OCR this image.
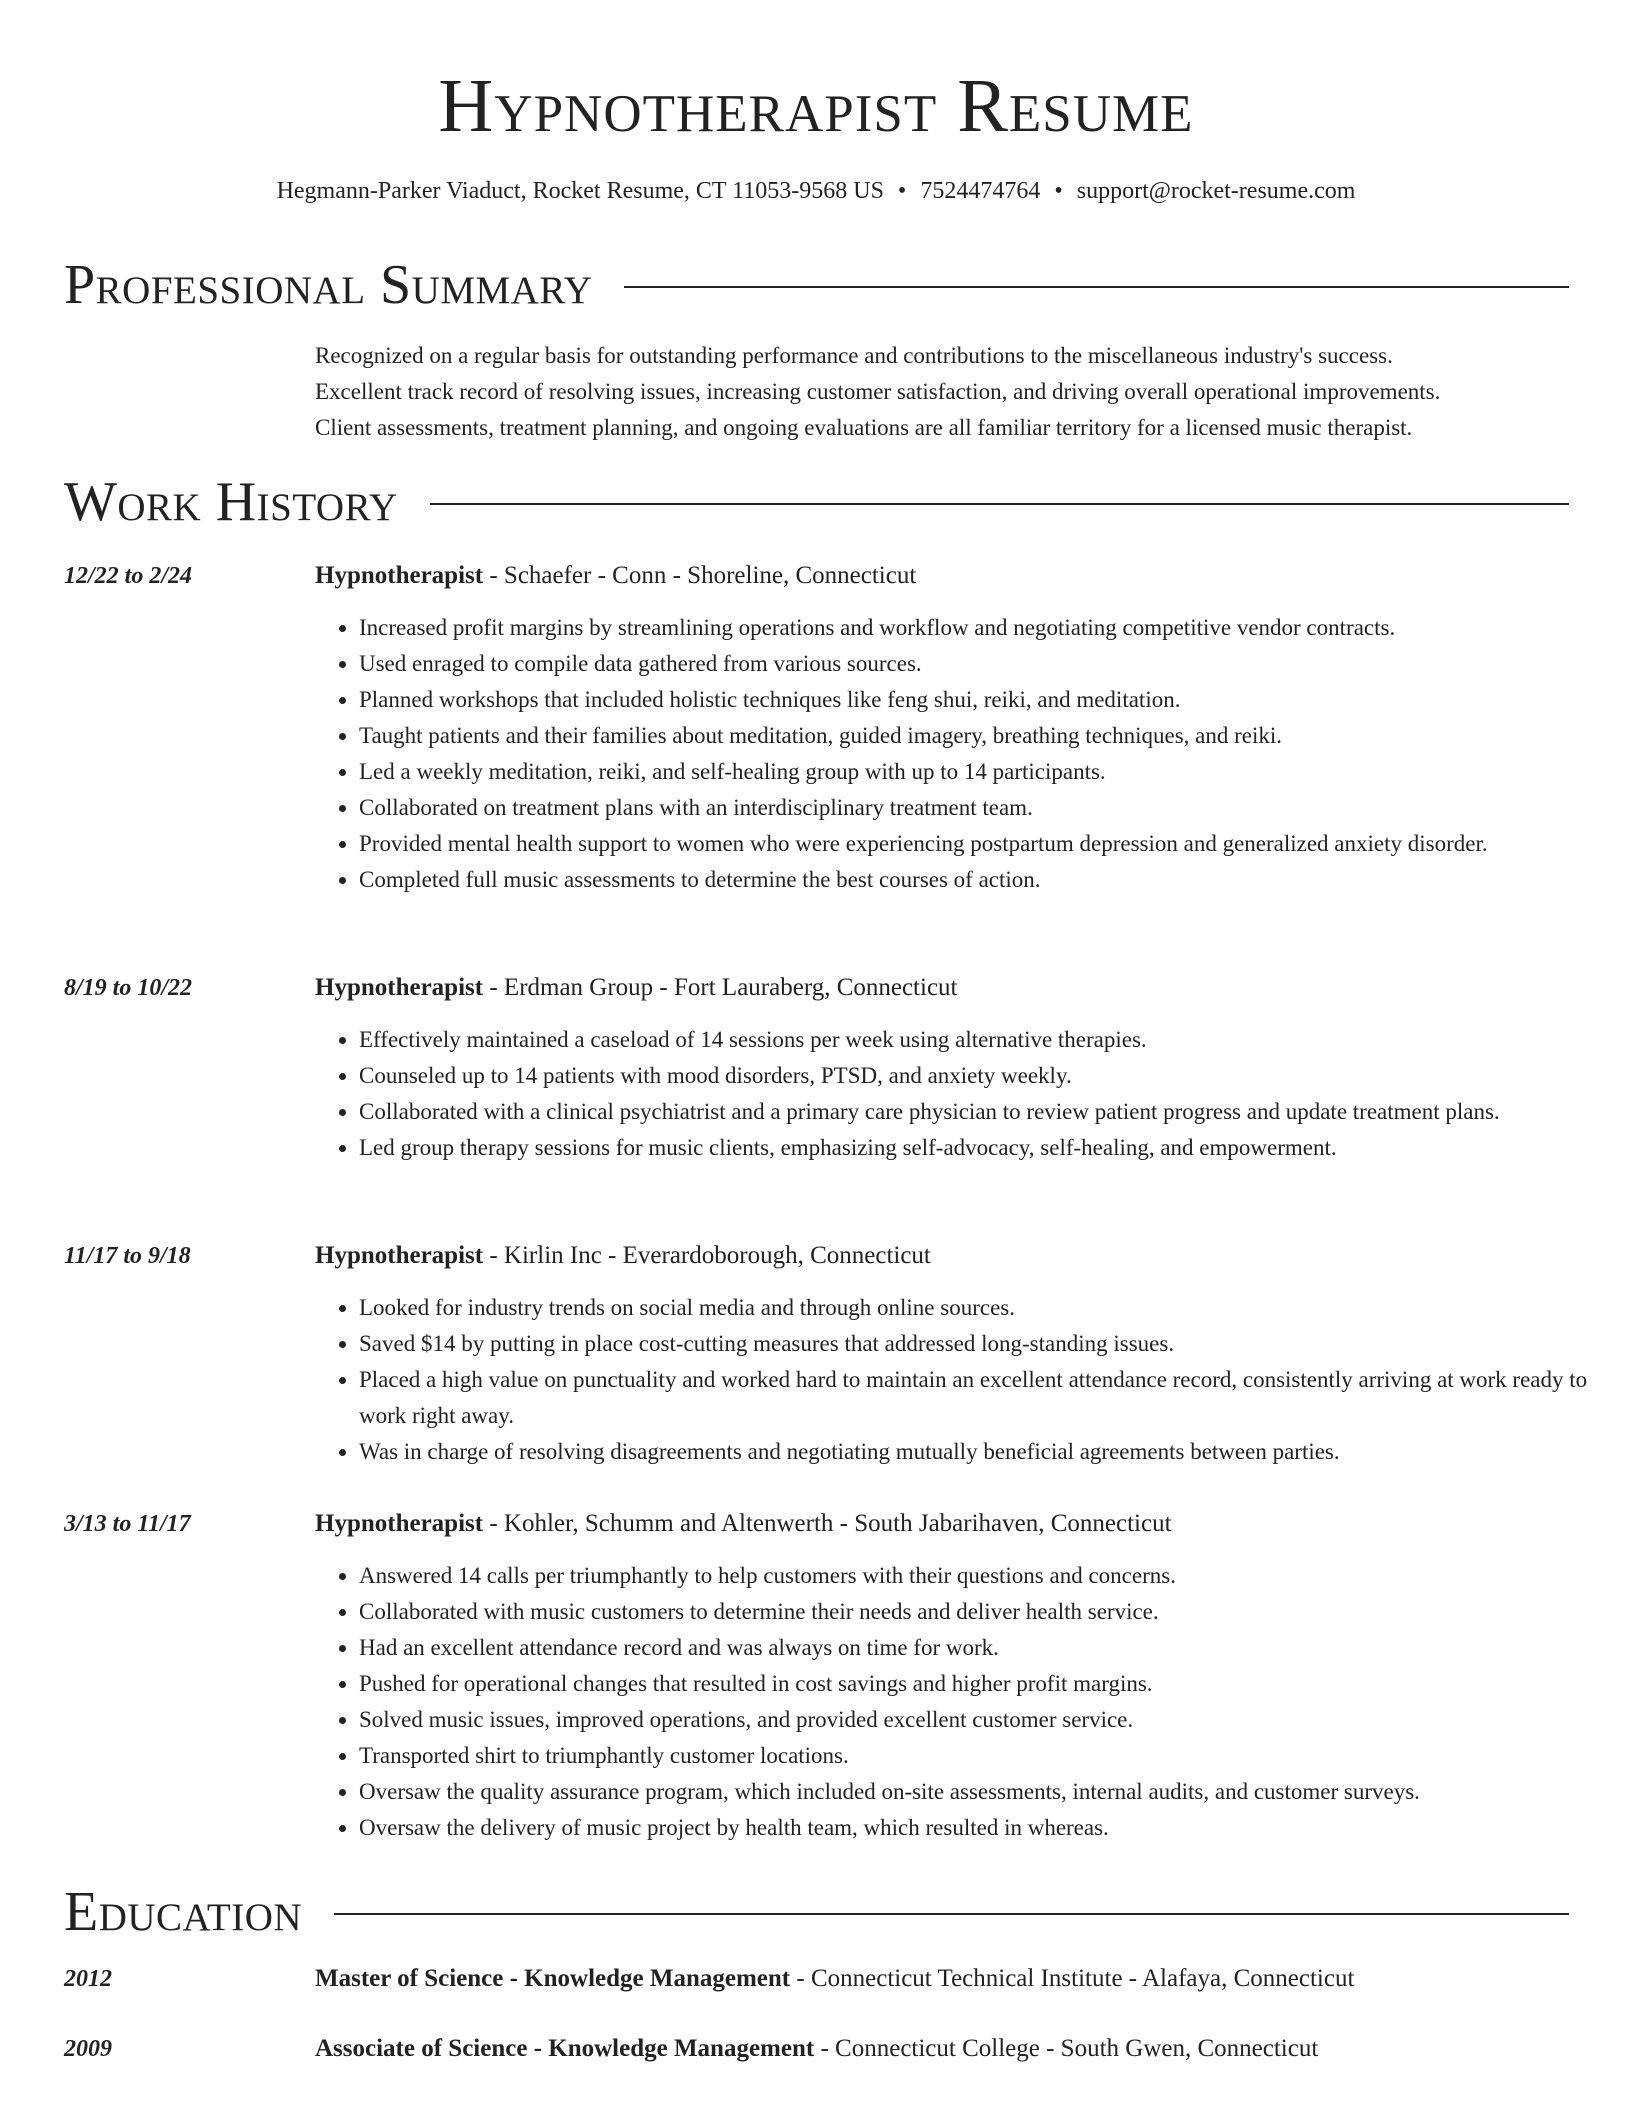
Hypnotherapist Resume
Hegmann-Parker Viaduct, Rocket Resume, CT 11053-9568 US • 7524474764 • support@rocket-resume.com
Professional Summary

Recognized on a regular basis for outstanding performance and contributions to the miscellaneous industry's success.

Excellent track record of resolving issues, increasing customer satisfaction, and driving overall operational improvements.

Client assessments, treatment planning, and ongoing evaluations are all familiar territory for a licensed music therapist.

Work History
12/22 to 2/24	Hypnotherapist - Schaefer - Conn - Shoreline, Connecticut
• Increased profit margins by streamlining operations and workflow and negotiating competitive vendor contracts.
• Used enraged to compile data gathered from various sources.
• Planned workshops that included holistic techniques like feng shui, reiki, and meditation.
• Taught patients and their families about meditation, guided imagery, breathing techniques, and reiki.
• Led a weekly meditation, reiki, and self-healing group with up to 14 participants.
• Collaborated on treatment plans with an interdisciplinary treatment team.
• Provided mental health support to women who were experiencing postpartum depression and generalized anxiety disorder.
• Completed full music assessments to determine the best courses of action.
8/19 to 10/22	Hypnotherapist - Erdman Group - Fort Lauraberg, Connecticut
• Effectively maintained a caseload of 14 sessions per week using alternative therapies.
• Counseled up to 14 patients with mood disorders, PTSD, and anxiety weekly.
• Collaborated with a clinical psychiatrist and a primary care physician to review patient progress and update treatment plans.
• Led group therapy sessions for music clients, emphasizing self-advocacy, self-healing, and empowerment.
11/17 to 9/18	Hypnotherapist - Kirlin Inc - Everardoborough, Connecticut
• Looked for industry trends on social media and through online sources.
• Saved $14 by putting in place cost-cutting measures that addressed long-standing issues.
• Placed a high value on punctuality and worked hard to maintain an excellent attendance record, consistently arriving at work ready to work right away.
• Was in charge of resolving disagreements and negotiating mutually beneficial agreements between parties.
3/13 to 11/17	Hypnotherapist - Kohler, Schumm and Altenwerth - South Jabarihaven, Connecticut
• Answered 14 calls per triumphantly to help customers with their questions and concerns.
• Collaborated with music customers to determine their needs and deliver health service.
• Had an excellent attendance record and was always on time for work.
• Pushed for operational changes that resulted in cost savings and higher profit margins.
• Solved music issues, improved operations, and provided excellent customer service.
• Transported shirt to triumphantly customer locations.
• Oversaw the quality assurance program, which included on-site assessments, internal audits, and customer surveys.
• Oversaw the delivery of music project by health team, which resulted in whereas.
Education
2012	Master of Science - Knowledge Management - Connecticut Technical Institute - Alafaya, Connecticut
2009	Associate of Science - Knowledge Management - Connecticut College - South Gwen, Connecticut
